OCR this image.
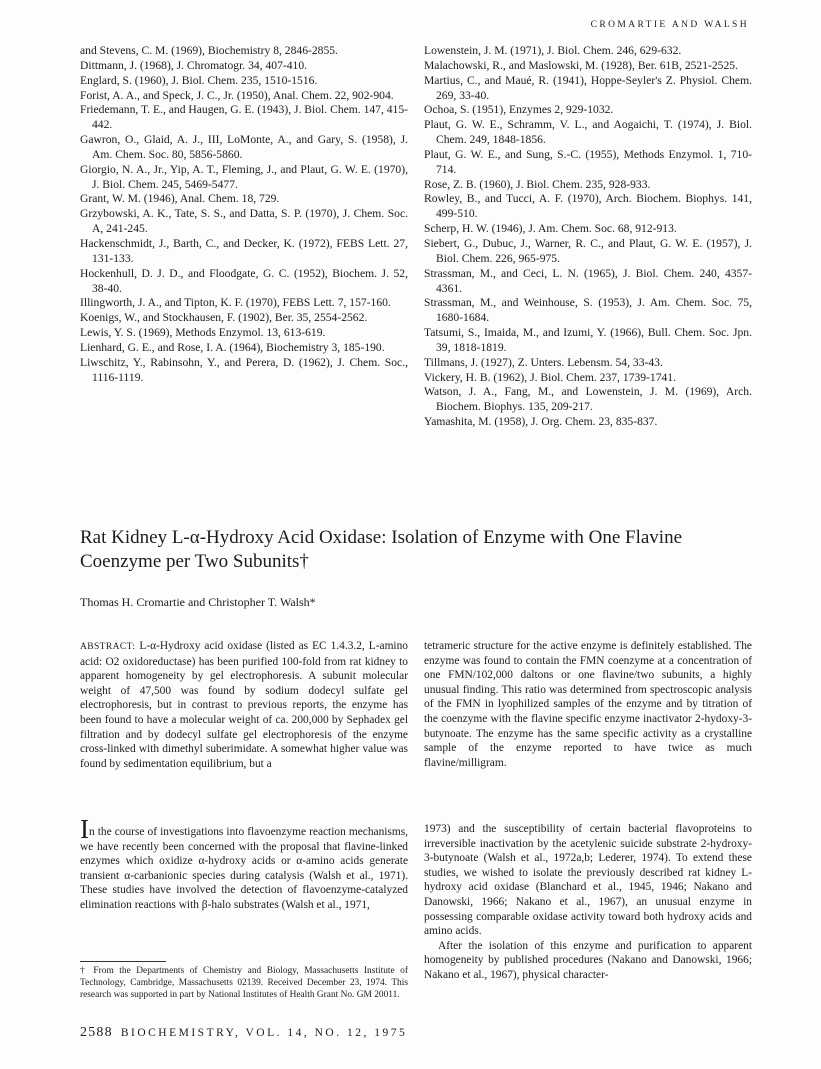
CROMARTIE AND WALSH

and Stevens, C. M. (1969), Biochemistry 8, 2846-2855.

Dittmann, J. (1968), J. Chromatogr. 34, 407-410.

Englard, S. (1960), J. Biol. Chem. 235, 1510-1516.

Forist, A. A., and Speck, J. C., Jr. (1950), Anal. Chem. 22, 902-904.

Friedemann, T. E., and Haugen, G. E. (1943), J. Biol. Chem. 147, 415-442.

Gawron, O., Glaid, A. J., III, LoMonte, A., and Gary, S. (1958), J. Am. Chem. Soc. 80, 5856-5860.

Giorgio, N. A., Jr., Yip, A. T., Fleming, J., and Plaut, G. W. E. (1970), J. Biol. Chem. 245, 5469-5477.

Grant, W. M. (1946), Anal. Chem. 18, 729.

Grzybowski, A. K., Tate, S. S., and Datta, S. P. (1970), J. Chem. Soc. A, 241-245.

Hackenschmidt, J., Barth, C., and Decker, K. (1972), FEBS Lett. 27, 131-133.

Hockenhull, D. J. D., and Floodgate, G. C. (1952), Biochem. J. 52, 38-40.

Illingworth, J. A., and Tipton, K. F. (1970), FEBS Lett. 7, 157-160.

Koenigs, W., and Stockhausen, F. (1902), Ber. 35, 2554-2562.

Lewis, Y. S. (1969), Methods Enzymol. 13, 613-619.

Lienhard, G. E., and Rose, I. A. (1964), Biochemistry 3, 185-190.

Liwschitz, Y., Rabinsohn, Y., and Perera, D. (1962), J. Chem. Soc., 1116-1119.

Lowenstein, J. M. (1971), J. Biol. Chem. 246, 629-632.

Malachowski, R., and Maslowski, M. (1928), Ber. 61B, 2521-2525.

Martius, C., and Maué, R. (1941), Hoppe-Seyler's Z. Physiol. Chem. 269, 33-40.

Ochoa, S. (1951), Enzymes 2, 929-1032.

Plaut, G. W. E., Schramm, V. L., and Aogaichi, T. (1974), J. Biol. Chem. 249, 1848-1856.

Plaut, G. W. E., and Sung, S.-C. (1955), Methods Enzymol. 1, 710-714.

Rose, Z. B. (1960), J. Biol. Chem. 235, 928-933.

Rowley, B., and Tucci, A. F. (1970), Arch. Biochem. Biophys. 141, 499-510.

Scherp, H. W. (1946), J. Am. Chem. Soc. 68, 912-913.

Siebert, G., Dubuc, J., Warner, R. C., and Plaut, G. W. E. (1957), J. Biol. Chem. 226, 965-975.

Strassman, M., and Ceci, L. N. (1965), J. Biol. Chem. 240, 4357-4361.

Strassman, M., and Weinhouse, S. (1953), J. Am. Chem. Soc. 75, 1680-1684.

Tatsumi, S., Imaida, M., and Izumi, Y. (1966), Bull. Chem. Soc. Jpn. 39, 1818-1819.

Tillmans, J. (1927), Z. Unters. Lebensm. 54, 33-43.

Vickery, H. B. (1962), J. Biol. Chem. 237, 1739-1741.

Watson, J. A., Fang, M., and Lowenstein, J. M. (1969), Arch. Biochem. Biophys. 135, 209-217.

Yamashita, M. (1958), J. Org. Chem. 23, 835-837.

Rat Kidney L-α-Hydroxy Acid Oxidase: Isolation of Enzyme with One Flavine Coenzyme per Two Subunits†
Thomas H. Cromartie and Christopher T. Walsh*

ABSTRACT: L-α-Hydroxy acid oxidase (listed as EC 1.4.3.2, L-amino acid: O2 oxidoreductase) has been purified 100-fold from rat kidney to apparent homogeneity by gel electrophoresis. A subunit molecular weight of 47,500 was found by sodium dodecyl sulfate gel electrophoresis, but in contrast to previous reports, the enzyme has been found to have a molecular weight of ca. 200,000 by Sephadex gel filtration and by dodecyl sulfate gel electrophoresis of the enzyme cross-linked with dimethyl suberimidate. A somewhat higher value was found by sedimentation equilibrium, but a

tetrameric structure for the active enzyme is definitely established. The enzyme was found to contain the FMN coenzyme at a concentration of one FMN/102,000 daltons or one flavine/two subunits, a highly unusual finding. This ratio was determined from spectroscopic analysis of the FMN in lyophilized samples of the enzyme and by titration of the coenzyme with the flavine specific enzyme inactivator 2-hydoxy-3-butynoate. The enzyme has the same specific activity as a crystalline sample of the enzyme reported to have twice as much flavine/milligram.

In the course of investigations into flavoenzyme reaction mechanisms, we have recently been concerned with the proposal that flavine-linked enzymes which oxidize α-hydroxy acids or α-amino acids generate transient α-carbanionic species during catalysis (Walsh et al., 1971). These studies have involved the detection of flavoenzyme-catalyzed elimination reactions with β-halo substrates (Walsh et al., 1971,

1973) and the susceptibility of certain bacterial flavoproteins to irreversible inactivation by the acetylenic suicide substrate 2-hydroxy-3-butynoate (Walsh et al., 1972a,b; Lederer, 1974). To extend these studies, we wished to isolate the previously described rat kidney L-hydroxy acid oxidase (Blanchard et al., 1945, 1946; Nakano and Danowski, 1966; Nakano et al., 1967), an unusual enzyme in possessing comparable oxidase activity toward both hydroxy acids and amino acids.

After the isolation of this enzyme and purification to apparent homogeneity by published procedures (Nakano and Danowski, 1966; Nakano et al., 1967), physical character-

† From the Departments of Chemistry and Biology, Massachusetts Institute of Technology, Cambridge, Massachusetts 02139. Received December 23, 1974. This research was supported in part by National Institutes of Health Grant No. GM 20011.

2588 BIOCHEMISTRY, VOL. 14, NO. 12, 1975
